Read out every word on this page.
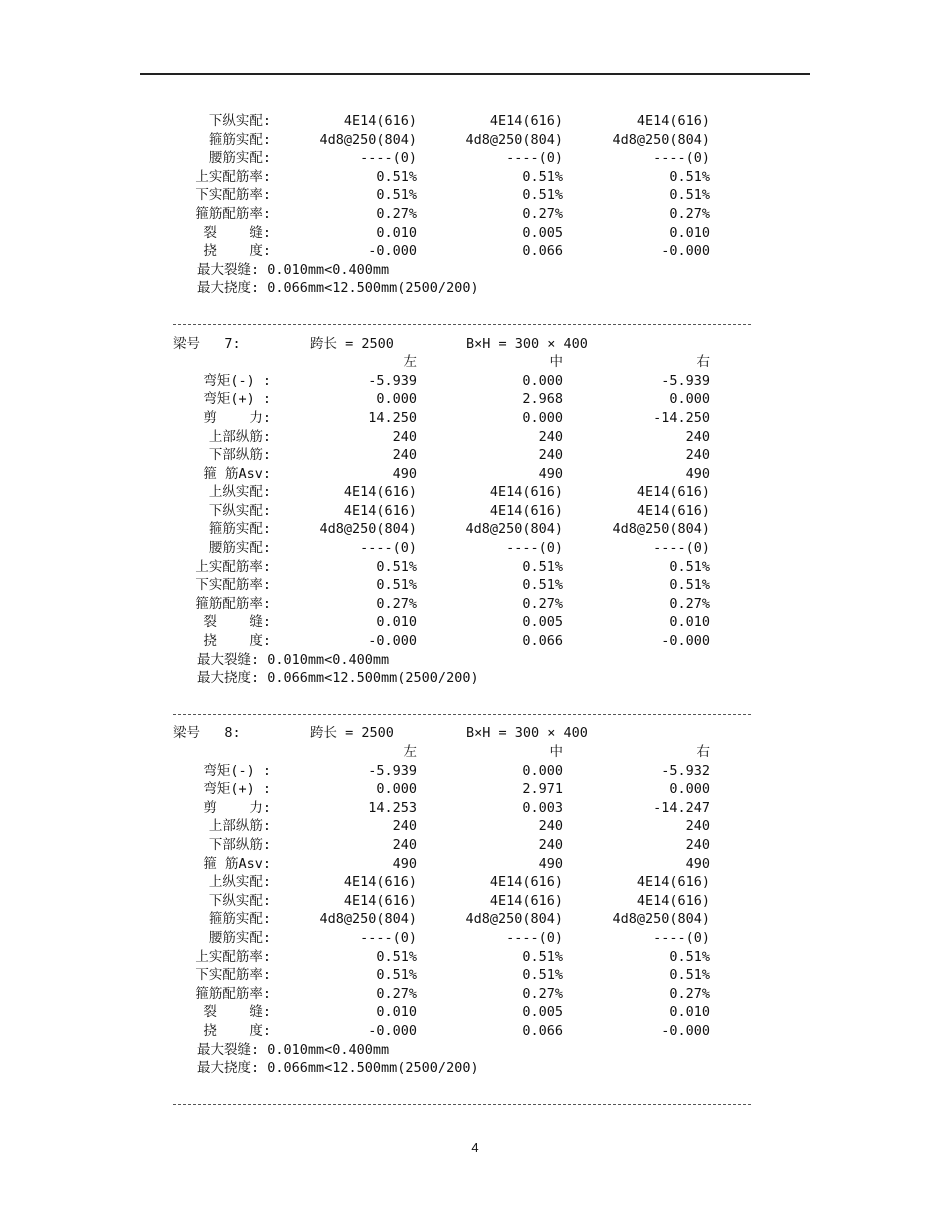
下纵实配:	4E14(616)	4E14(616)	4E14(616)
箍筋实配:	4d8@250(804)	4d8@250(804)	4d8@250(804)
腰筋实配:	----(0)	----(0)	----(0)
上实配筋率:	0.51%	0.51%	0.51%
下实配筋率:	0.51%	0.51%	0.51%
箍筋配筋率:	0.27%	0.27%	0.27%
裂    缝:	0.010	0.005	0.010
挠    度:	-0.000	0.066	-0.000
最大裂缝: 0.010mm<0.400mm
最大挠度: 0.066mm<12.500mm(2500/200)
梁号   7:	跨长 = 2500	B×H = 300 × 400
左	中	右
弯矩(-) :	-5.939	0.000	-5.939
弯矩(+) :	0.000	2.968	0.000
剪    力:	14.250	0.000	-14.250
上部纵筋:	240	240	240
下部纵筋:	240	240	240
箍 筋Asv:	490	490	490
上纵实配:	4E14(616)	4E14(616)	4E14(616)
下纵实配:	4E14(616)	4E14(616)	4E14(616)
箍筋实配:	4d8@250(804)	4d8@250(804)	4d8@250(804)
腰筋实配:	----(0)	----(0)	----(0)
上实配筋率:	0.51%	0.51%	0.51%
下实配筋率:	0.51%	0.51%	0.51%
箍筋配筋率:	0.27%	0.27%	0.27%
裂    缝:	0.010	0.005	0.010
挠    度:	-0.000	0.066	-0.000
最大裂缝: 0.010mm<0.400mm
最大挠度: 0.066mm<12.500mm(2500/200)
梁号   8:	跨长 = 2500	B×H = 300 × 400
左	中	右
弯矩(-) :	-5.939	0.000	-5.932
弯矩(+) :	0.000	2.971	0.000
剪    力:	14.253	0.003	-14.247
上部纵筋:	240	240	240
下部纵筋:	240	240	240
箍 筋Asv:	490	490	490
上纵实配:	4E14(616)	4E14(616)	4E14(616)
下纵实配:	4E14(616)	4E14(616)	4E14(616)
箍筋实配:	4d8@250(804)	4d8@250(804)	4d8@250(804)
腰筋实配:	----(0)	----(0)	----(0)
上实配筋率:	0.51%	0.51%	0.51%
下实配筋率:	0.51%	0.51%	0.51%
箍筋配筋率:	0.27%	0.27%	0.27%
裂    缝:	0.010	0.005	0.010
挠    度:	-0.000	0.066	-0.000
最大裂缝: 0.010mm<0.400mm
最大挠度: 0.066mm<12.500mm(2500/200)
4
